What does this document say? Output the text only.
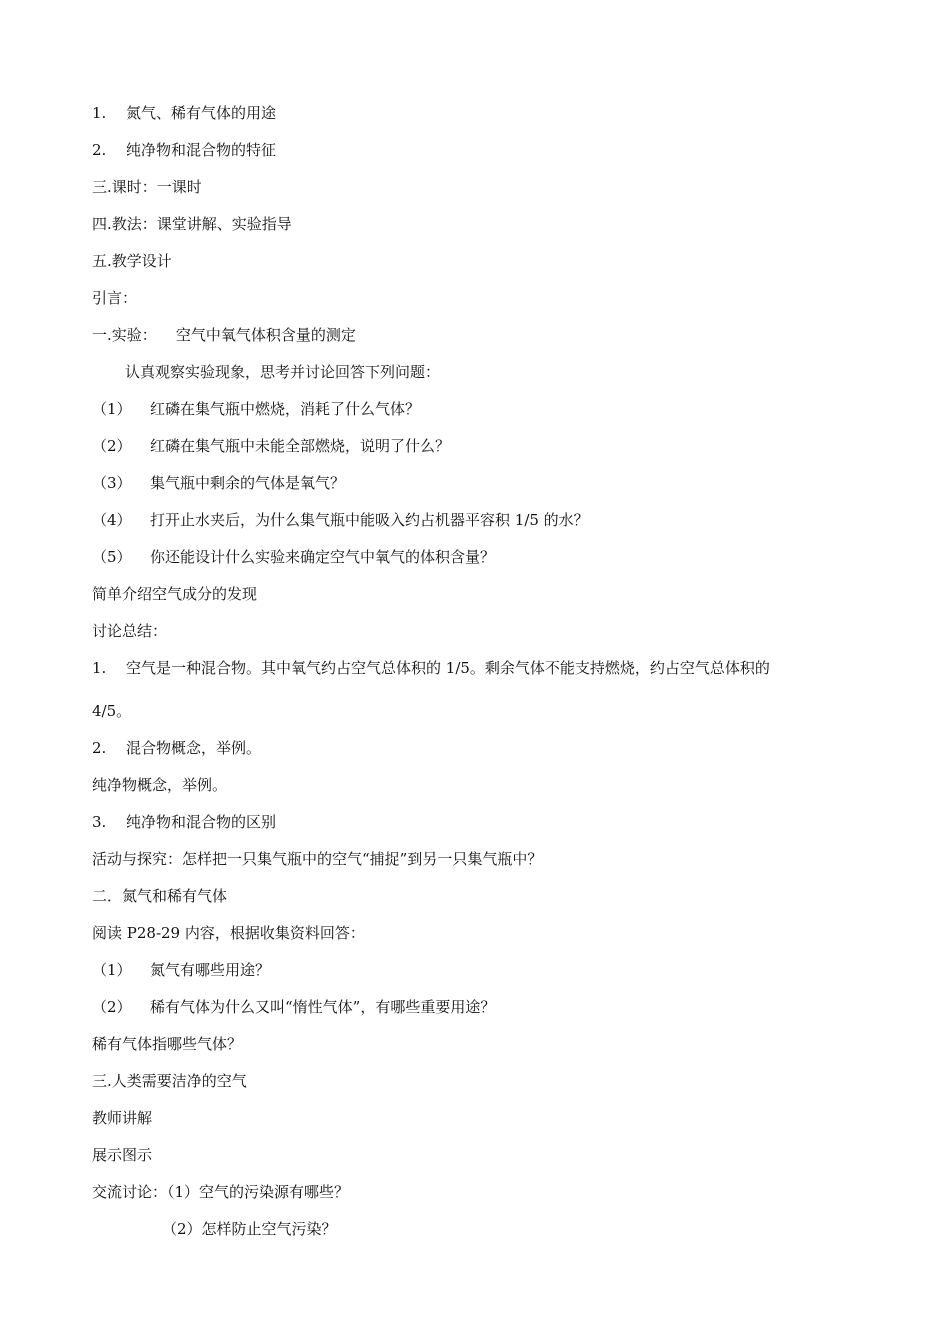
1. 氮气、稀有气体的用途
2. 纯净物和混合物的特征
三.课时：一课时
四.教法：课堂讲解、实验指导
五.教学设计
引言：
一.实验：    空气中氧气体积含量的测定
认真观察实验现象，思考并讨论回答下列问题：
（1） 红磷在集气瓶中燃烧，消耗了什么气体？
（2） 红磷在集气瓶中未能全部燃烧，说明了什么？
（3） 集气瓶中剩余的气体是氧气？
（4） 打开止水夹后，为什么集气瓶中能吸入约占机器平容积 1/5 的水？
（5） 你还能设计什么实验来确定空气中氧气的体积含量？
简单介绍空气成分的发现
讨论总结：
1. 空气是一种混合物。其中氧气约占空气总体积的 1/5。剩余气体不能支持燃烧，约占空气总体积的
4/5。
2. 混合物概念，举例。
纯净物概念，举例。
3. 纯净物和混合物的区别
活动与探究：怎样把一只集气瓶中的空气“捕捉”到另一只集气瓶中？
二．氮气和稀有气体
阅读 P28-29 内容，根据收集资料回答：
（1） 氮气有哪些用途？
（2） 稀有气体为什么又叫“惰性气体”，有哪些重要用途？
稀有气体指哪些气体？
三.人类需要洁净的空气
教师讲解
展示图示
交流讨论：（1）空气的污染源有哪些？
（2）怎样防止空气污染？
